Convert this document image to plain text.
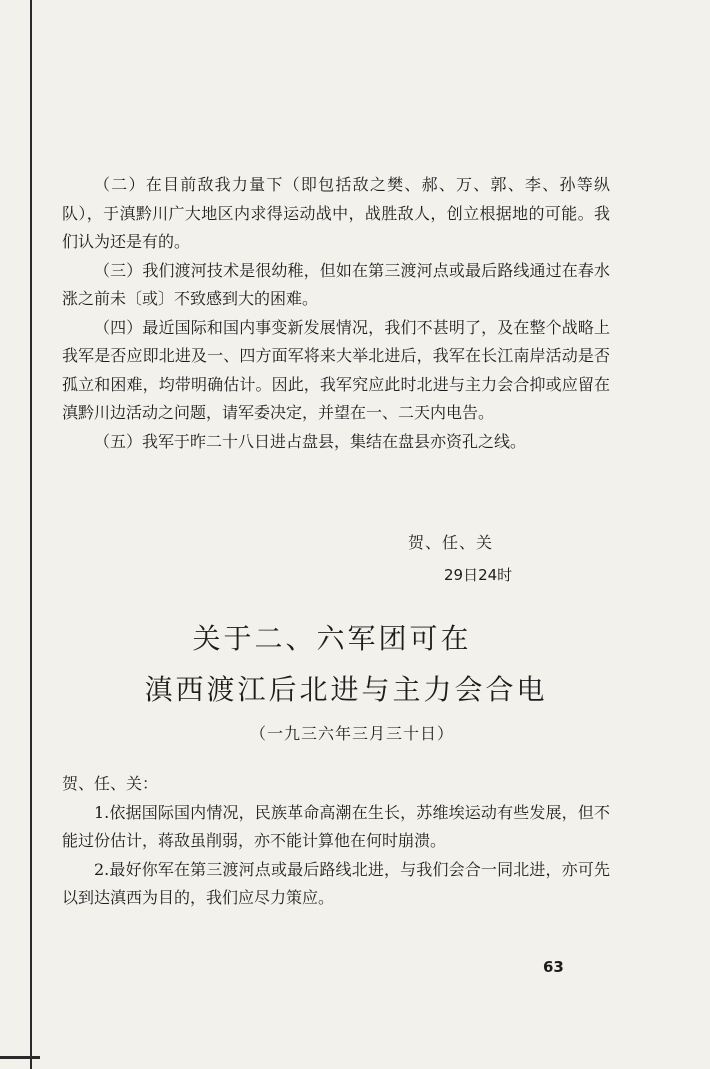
（二）在目前敌我力量下（即包括敌之樊、郝、万、郭、李、孙等纵队），于滇黔川广大地区内求得运动战中，战胜敌人，创立根据地的可能。我们认为还是有的。

（三）我们渡河技术是很幼稚，但如在第三渡河点或最后路线通过在春水涨之前未〔或〕不致感到大的困难。

（四）最近国际和国内事变新发展情况，我们不甚明了，及在整个战略上我军是否应即北进及一、四方面军将来大举北进后，我军在长江南岸活动是否孤立和困难，均带明确估计。因此，我军究应此时北进与主力会合抑或应留在滇黔川边活动之问题，请军委决定，并望在一、二天内电告。

（五）我军于昨二十八日进占盘县，集结在盘县亦资孔之线。

贺、任、关
29日24时
关于二、六军团可在
滇西渡江后北进与主力会合电
（一九三六年三月三十日）

贺、任、关：

1.依据国际国内情况，民族革命高潮在生长，苏维埃运动有些发展，但不能过份估计，蒋敌虽削弱，亦不能计算他在何时崩溃。

2.最好你军在第三渡河点或最后路线北进，与我们会合一同北进，亦可先以到达滇西为目的，我们应尽力策应。

63
